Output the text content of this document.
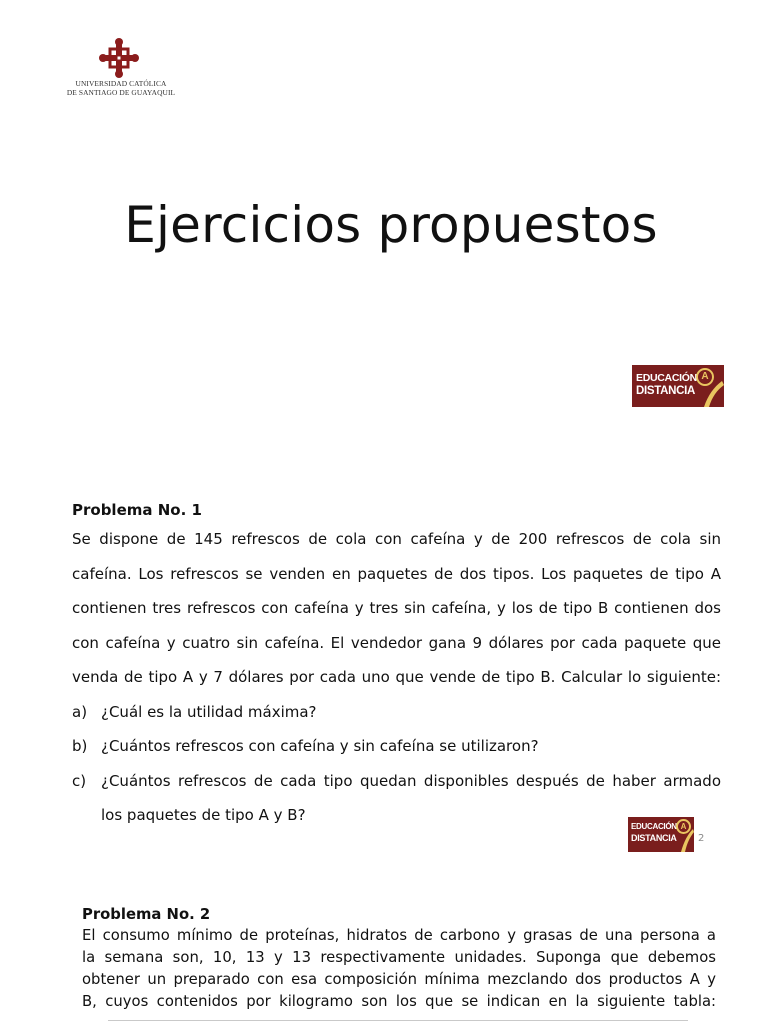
UNIVERSIDAD CATÓLICA
DE SANTIAGO DE GUAYAQUIL
Ejercicios propuestos
EDUCACIÓN
DISTANCIA
A
Problema No. 1
Se dispone de 145 refrescos de cola con cafeína y de 200 refrescos de cola sin
cafeína. Los refrescos se venden en paquetes de dos tipos. Los paquetes de tipo A
contienen tres refrescos con cafeína y tres sin cafeína, y los de tipo B contienen dos
con cafeína y cuatro sin cafeína. El vendedor gana 9 dólares por cada paquete que
venda de tipo A y 7 dólares por cada uno que vende de tipo B. Calcular lo siguiente:
a) ¿Cuál es la utilidad máxima?
b) ¿Cuántos refrescos con cafeína y sin cafeína se utilizaron?
c) ¿Cuántos refrescos de cada tipo quedan disponibles después de haber armado
los paquetes de tipo A y B?
EDUCACIÓN
DISTANCIA
A
2
Problema No. 2
El consumo mínimo de proteínas, hidratos de carbono y grasas de una persona a
la semana son, 10, 13 y 13 respectivamente unidades. Suponga que debemos
obtener un preparado con esa composición mínima mezclando dos productos A y
B, cuyos contenidos por kilogramo son los que se indican en la siguiente tabla:
